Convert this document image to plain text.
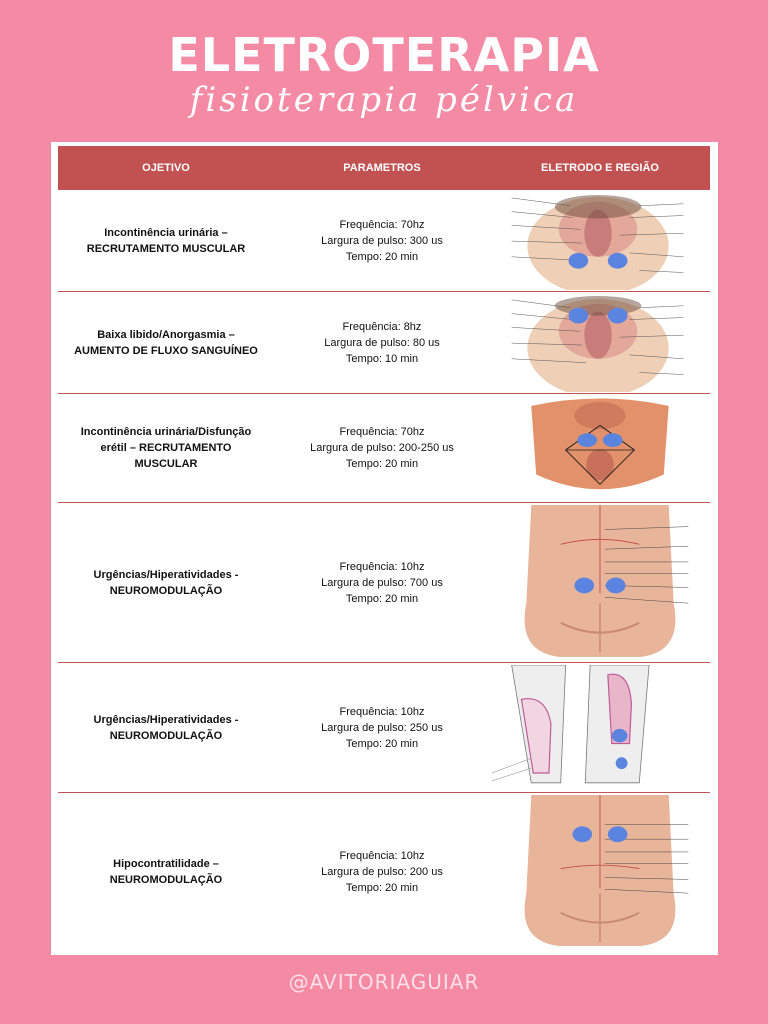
ELETROTERAPIA
fisioterapia pélvica
OJETIVO	PARAMETROS	ELETRODO E REGIÃO
Incontinência urinária –
RECRUTAMENTO MUSCULAR
Frequência: 70hz
Largura de pulso: 300 us
Tempo: 20 min
Baixa libido/Anorgasmia –
AUMENTO DE FLUXO SANGUÍNEO
Frequência: 8hz
Largura de pulso: 80 us
Tempo: 10 min
Incontinência urinária/Disfunção
erétil – RECRUTAMENTO
MUSCULAR
Frequência: 70hz
Largura de pulso: 200-250 us
Tempo: 20 min
Urgências/Hiperatividades -
NEUROMODULAÇÃO
Frequência: 10hz
Largura de pulso: 700 us
Tempo: 20 min
Urgências/Hiperatividades -
NEUROMODULAÇÃO
Frequência: 10hz
Largura de pulso: 250 us
Tempo: 20 min
Hipocontratilidade –
NEUROMODULAÇÃO
Frequência: 10hz
Largura de pulso: 200 us
Tempo: 20 min
@AVITORIAGUIAR
